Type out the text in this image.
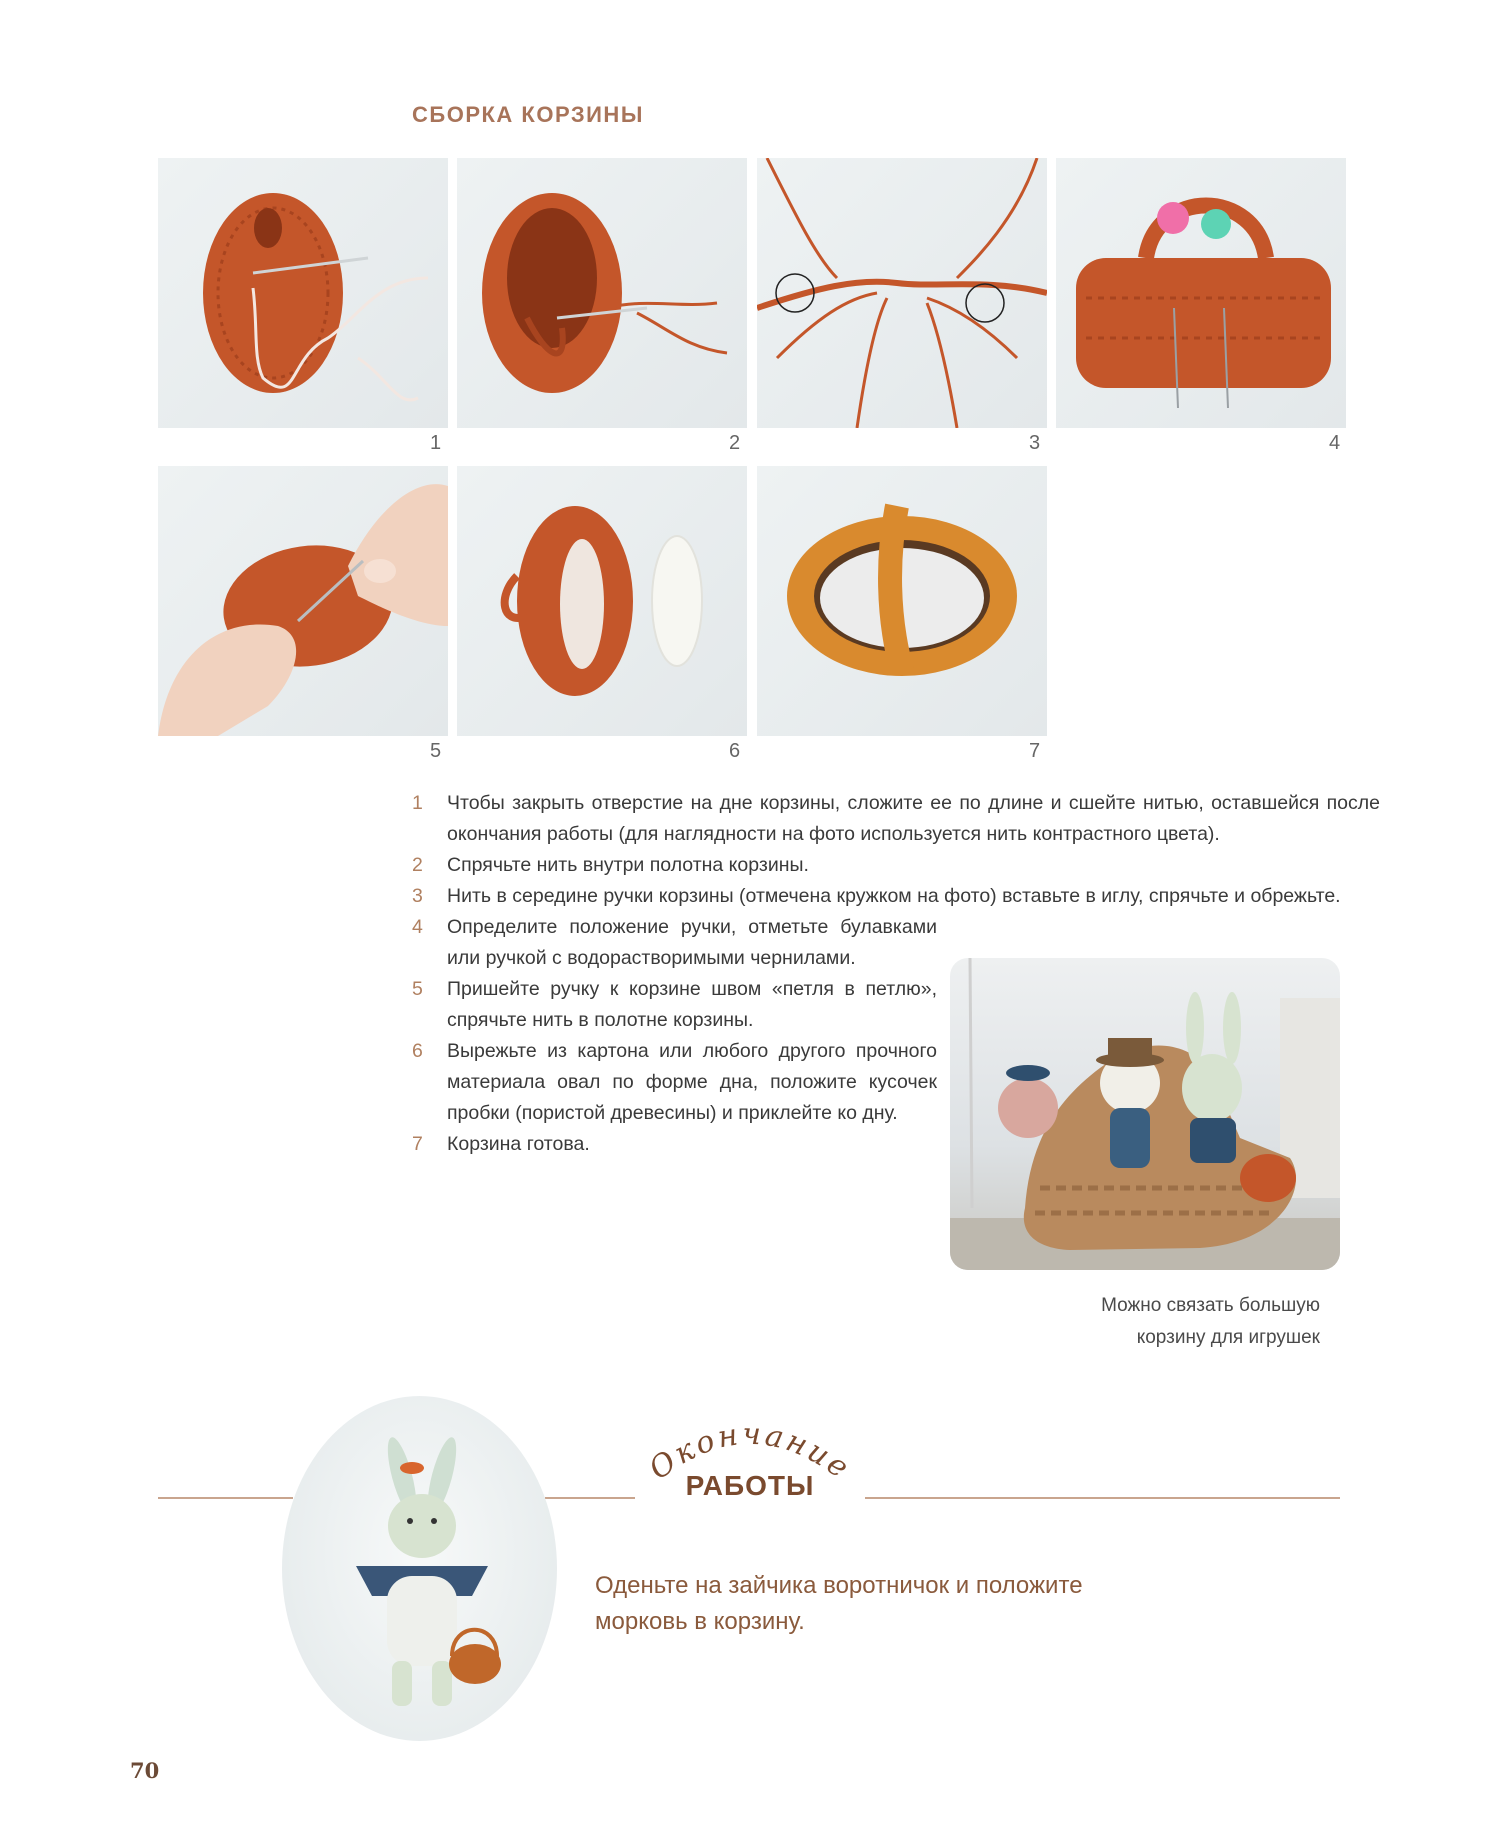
СБОРКА КОРЗИНЫ
1	2	3	4
5	6	7
1 Чтобы закрыть отверстие на дне корзины, сложите ее по длине и сшейте нитью, оставшейся после окончания работы (для наглядности на фото используется нить контрастного цвета).
2 Спрячьте нить внутри полотна корзины.
3 Нить в середине ручки корзины (отмечена кружком на фото) вставьте в иглу, спрячьте и обрежьте.
4 Определите положение ручки, отметьте булавками или ручкой с водорастворимыми чернилами.
5 Пришейте ручку к корзине швом «петля в петлю», спрячьте нить в полотне корзины.
6 Вырежьте из картона или любого другого прочного материала овал по форме дна, положите кусочек пробки (пористой древесины) и приклейте ко дну.
7 Корзина готова.
Можно связать большую корзину для игрушек
Окончание
РАБОТЫ
Оденьте на зайчика воротничок и положите морковь в корзину.
70
